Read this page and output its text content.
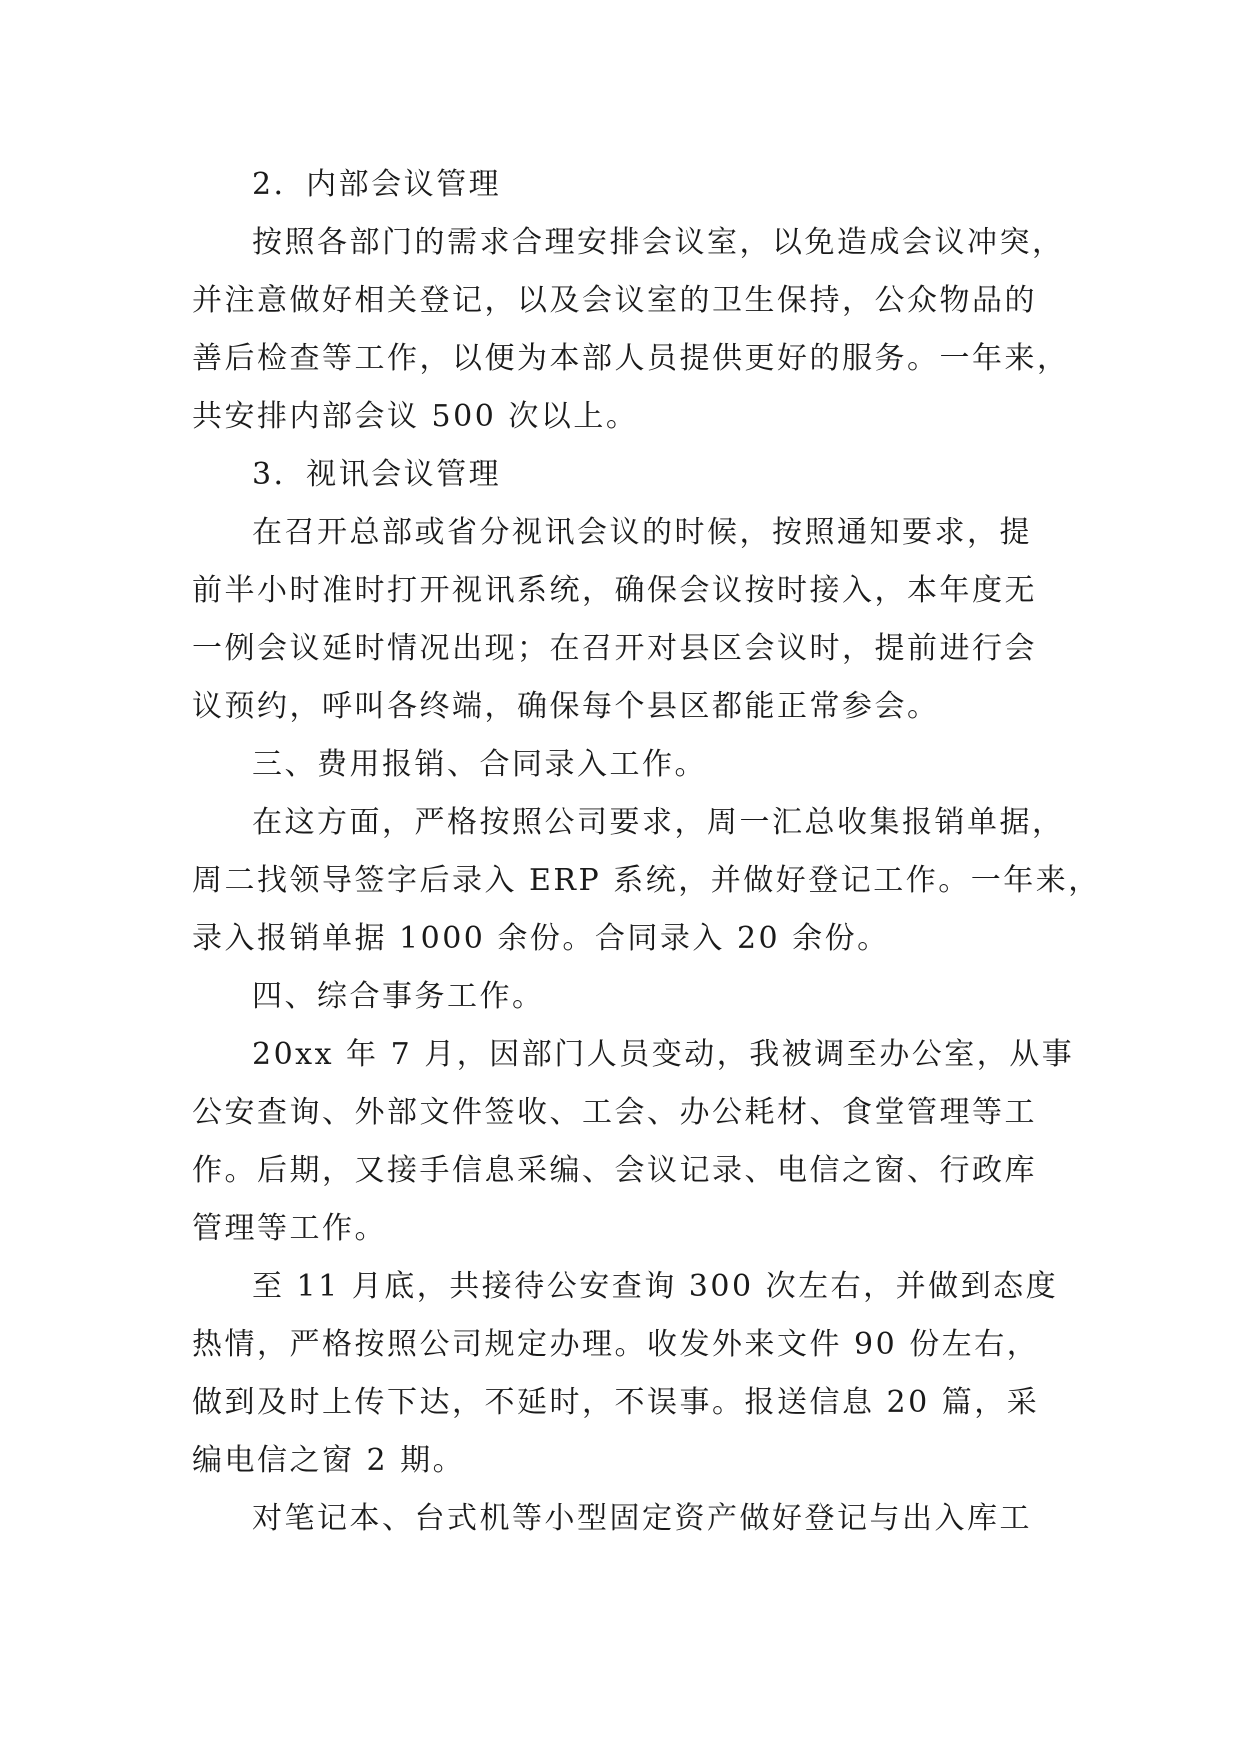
2．内部会议管理
按照各部门的需求合理安排会议室，以免造成会议冲突，
并注意做好相关登记，以及会议室的卫生保持，公众物品的
善后检查等工作，以便为本部人员提供更好的服务。一年来，
共安排内部会议 500 次以上。
3．视讯会议管理
在召开总部或省分视讯会议的时候，按照通知要求，提
前半小时准时打开视讯系统，确保会议按时接入，本年度无
一例会议延时情况出现；在召开对县区会议时，提前进行会
议预约，呼叫各终端，确保每个县区都能正常参会。
三、费用报销、合同录入工作。
在这方面，严格按照公司要求，周一汇总收集报销单据，
周二找领导签字后录入 ERP 系统，并做好登记工作。一年来，
录入报销单据 1000 余份。合同录入 20 余份。
四、综合事务工作。
20xx 年 7 月，因部门人员变动，我被调至办公室，从事
公安查询、外部文件签收、工会、办公耗材、食堂管理等工
作。后期，又接手信息采编、会议记录、电信之窗、行政库
管理等工作。
至 11 月底，共接待公安查询 300 次左右，并做到态度
热情，严格按照公司规定办理。收发外来文件 90 份左右，
做到及时上传下达，不延时，不误事。报送信息 20 篇，采
编电信之窗 2 期。
对笔记本、台式机等小型固定资产做好登记与出入库工
